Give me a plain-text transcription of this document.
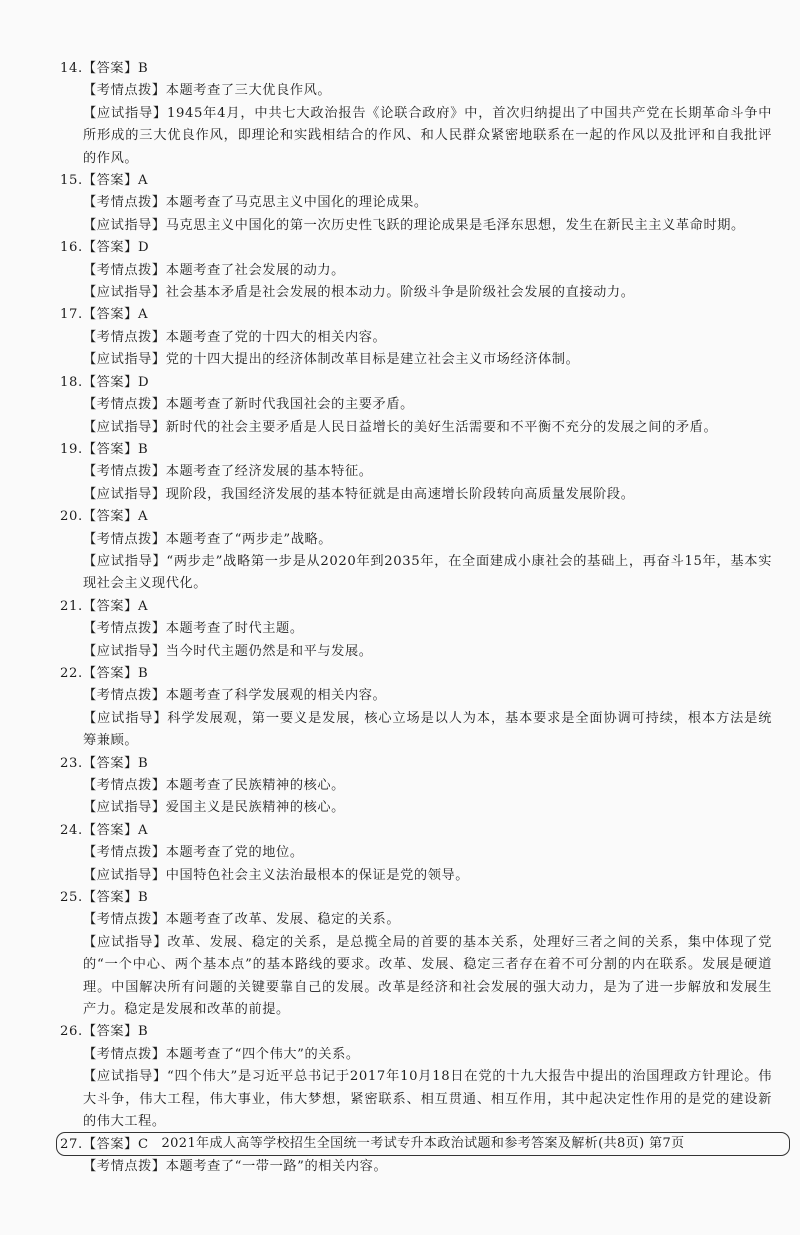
14.【答案】B

【考情点拨】本题考查了三大优良作风。

【应试指导】1945年4月，中共七大政治报告《论联合政府》中，首次归纳提出了中国共产党在长期革命斗争中所形成的三大优良作风，即理论和实践相结合的作风、和人民群众紧密地联系在一起的作风以及批评和自我批评的作风。

15.【答案】A

【考情点拨】本题考查了马克思主义中国化的理论成果。

【应试指导】马克思主义中国化的第一次历史性飞跃的理论成果是毛泽东思想，发生在新民主主义革命时期。

16.【答案】D

【考情点拨】本题考查了社会发展的动力。

【应试指导】社会基本矛盾是社会发展的根本动力。阶级斗争是阶级社会发展的直接动力。

17.【答案】A

【考情点拨】本题考查了党的十四大的相关内容。

【应试指导】党的十四大提出的经济体制改革目标是建立社会主义市场经济体制。

18.【答案】D

【考情点拨】本题考查了新时代我国社会的主要矛盾。

【应试指导】新时代的社会主要矛盾是人民日益增长的美好生活需要和不平衡不充分的发展之间的矛盾。

19.【答案】B

【考情点拨】本题考查了经济发展的基本特征。

【应试指导】现阶段，我国经济发展的基本特征就是由高速增长阶段转向高质量发展阶段。

20.【答案】A

【考情点拨】本题考查了“两步走”战略。

【应试指导】“两步走”战略第一步是从2020年到2035年，在全面建成小康社会的基础上，再奋斗15年，基本实现社会主义现代化。

21.【答案】A

【考情点拨】本题考查了时代主题。

【应试指导】当今时代主题仍然是和平与发展。

22.【答案】B

【考情点拨】本题考查了科学发展观的相关内容。

【应试指导】科学发展观，第一要义是发展，核心立场是以人为本，基本要求是全面协调可持续，根本方法是统筹兼顾。

23.【答案】B

【考情点拨】本题考查了民族精神的核心。

【应试指导】爱国主义是民族精神的核心。

24.【答案】A

【考情点拨】本题考查了党的地位。

【应试指导】中国特色社会主义法治最根本的保证是党的领导。

25.【答案】B

【考情点拨】本题考查了改革、发展、稳定的关系。

【应试指导】改革、发展、稳定的关系，是总揽全局的首要的基本关系，处理好三者之间的关系，集中体现了党的“一个中心、两个基本点”的基本路线的要求。改革、发展、稳定三者存在着不可分割的内在联系。发展是硬道理。中国解决所有问题的关键要靠自己的发展。改革是经济和社会发展的强大动力，是为了进一步解放和发展生产力。稳定是发展和改革的前提。

26.【答案】B

【考情点拨】本题考查了“四个伟大”的关系。

【应试指导】“四个伟大”是习近平总书记于2017年10月18日在党的十九大报告中提出的治国理政方针理论。伟大斗争，伟大工程，伟大事业，伟大梦想，紧密联系、相互贯通、相互作用，其中起决定性作用的是党的建设新的伟大工程。

27.【答案】C

【考情点拨】本题考查了“一带一路”的相关内容。

2021年成人高等学校招生全国统一考试专升本政治试题和参考答案及解析(共8页) 第7页
